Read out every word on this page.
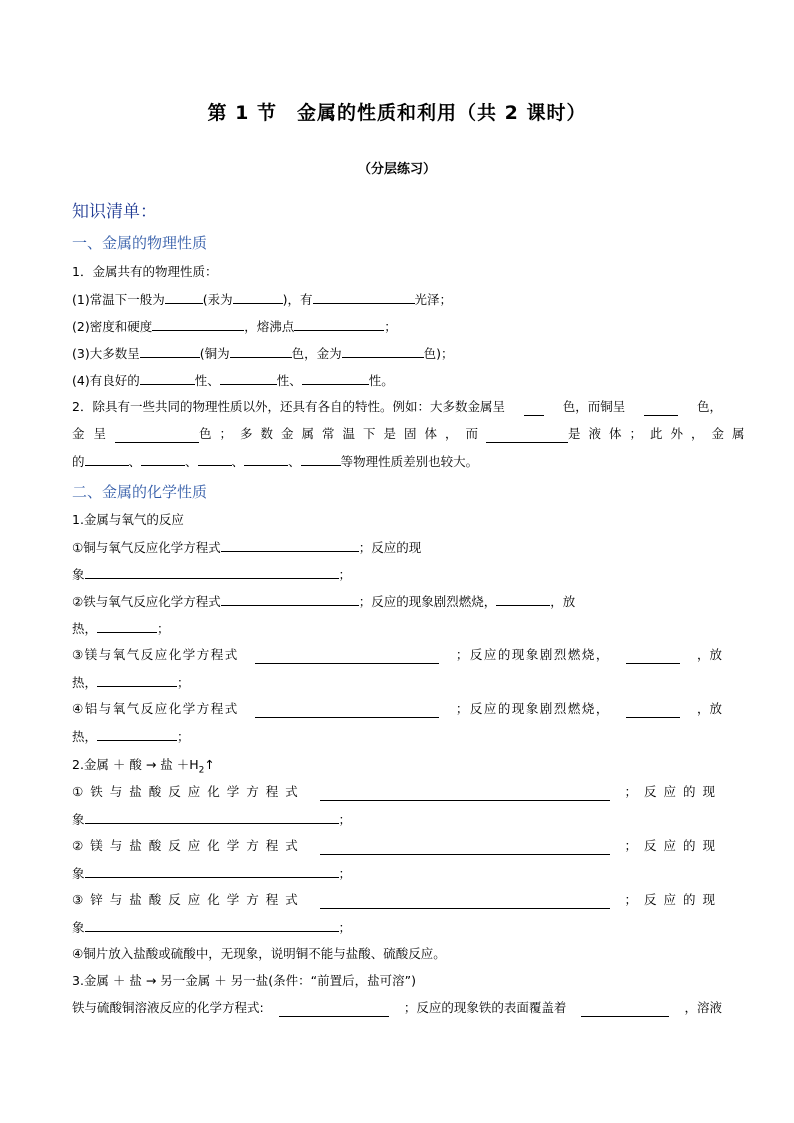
第 1 节　金属的性质和利用（共 2 课时）
（分层练习）
知识清单：
一、金属的物理性质
1．金属共有的物理性质：
(1)常温下一般为	(汞为	)，有	光泽；
(2)密度和硬度	，熔沸点	；
(3)大多数呈	(铜为	色，金为	色)；
(4)有良好的	性、	性、	性。
2．除具有一些共同的物理性质以外，还具有各自的特性。例如：大多数金属呈	色，而铜呈	色，
金呈	色；多数金属常温下是固体，而	是液体；此外，金属
的	、	、	、	、	等物理性质差别也较大。
二、金属的化学性质
1.金属与氧气的反应
①铜与氧气反应化学方程式	；反应的现
象	；
②铁与氧气反应化学方程式	；反应的现象剧烈燃烧，	，放
热，	；
③镁与氧气反应化学方程式	；反应的现象剧烈燃烧，	，放
热，	；
④铝与氧气反应化学方程式	；反应的现象剧烈燃烧，	，放
热，	；
2.金属 ＋ 酸 → 盐 $+H_2↑$
①铁与盐酸反应化学方程式	；反应的现
象	；
②镁与盐酸反应化学方程式	；反应的现
象	；
③锌与盐酸反应化学方程式	；反应的现
象	；
④铜片放入盐酸或硫酸中，无现象，说明铜不能与盐酸、硫酸反应。
3.金属 ＋ 盐 → 另一金属 ＋ 另一盐(条件：“前置后，盐可溶”)
铁与硫酸铜溶液反应的化学方程式:	；反应的现象铁的表面覆盖着	，溶液
